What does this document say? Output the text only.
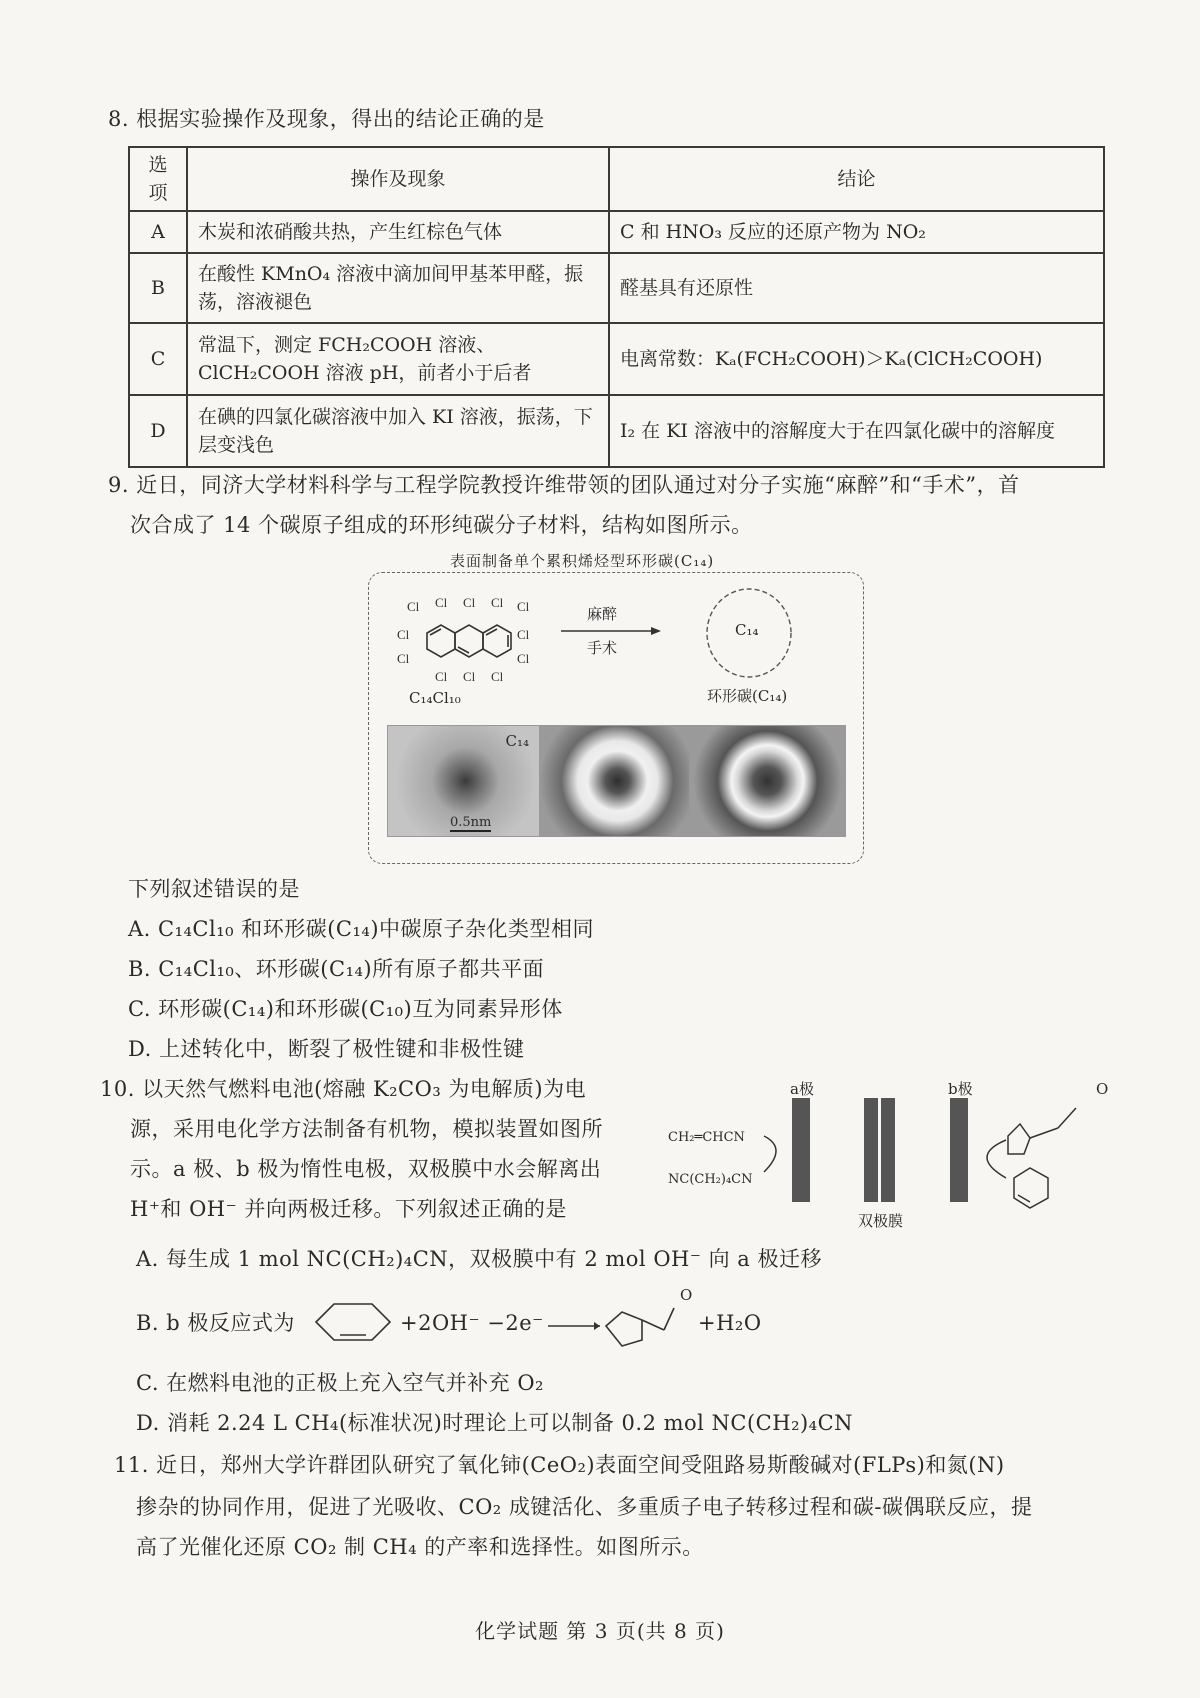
8. 根据实验操作及现象，得出的结论正确的是
选项	操作及现象	结论
A	木炭和浓硝酸共热，产生红棕色气体	C 和 HNO₃ 反应的还原产物为 NO₂
B	在酸性 KMnO₄ 溶液中滴加间甲基苯甲醛，振荡，溶液褪色	醛基具有还原性
C	常温下，测定 FCH₂COOH 溶液、ClCH₂COOH 溶液 pH，前者小于后者	电离常数：Kₐ(FCH₂COOH)＞Kₐ(ClCH₂COOH)
D	在碘的四氯化碳溶液中加入 KI 溶液，振荡，下层变浅色	I₂ 在 KI 溶液中的溶解度大于在四氯化碳中的溶解度
9. 近日，同济大学材料科学与工程学院教授许维带领的团队通过对分子实施“麻醉”和“手术”，首
次合成了 14 个碳原子组成的环形纯碳分子材料，结构如图所示。
表面制备单个累积烯烃型环形碳(C₁₄)
Cl Cl Cl Cl Cl
Cl	Cl
Cl	Cl
Cl Cl Cl
C₁₄Cl₁₀
麻醉
手术
C₁₄
环形碳(C₁₄)
C₁₄
0.5nm
下列叙述错误的是
A. C₁₄Cl₁₀ 和环形碳(C₁₄)中碳原子杂化类型相同
B. C₁₄Cl₁₀、环形碳(C₁₄)所有原子都共平面
C. 环形碳(C₁₄)和环形碳(C₁₀)互为同素异形体
D. 上述转化中，断裂了极性键和非极性键
10. 以天然气燃料电池(熔融 K₂CO₃ 为电解质)为电
源，采用电化学方法制备有机物，模拟装置如图所
示。a 极、b 极为惰性电极，双极膜中水会解离出
H⁺和 OH⁻ 并向两极迁移。下列叙述正确的是
a极	b极
CH₂═CHCN
NC(CH₂)₄CN
双极膜
O
A. 每生成 1 mol NC(CH₂)₄CN，双极膜中有 2 mol OH⁻ 向 a 极迁移
B. b 极反应式为	+2OH⁻ −2e⁻
O
+H₂O
C. 在燃料电池的正极上充入空气并补充 O₂
D. 消耗 2.24 L CH₄(标准状况)时理论上可以制备 0.2 mol NC(CH₂)₄CN
11. 近日，郑州大学许群团队研究了氧化铈(CeO₂)表面空间受阻路易斯酸碱对(FLPs)和氮(N)
掺杂的协同作用，促进了光吸收、CO₂ 成键活化、多重质子电子转移过程和碳-碳偶联反应，提
高了光催化还原 CO₂ 制 CH₄ 的产率和选择性。如图所示。
化学试题 第 3 页(共 8 页)
